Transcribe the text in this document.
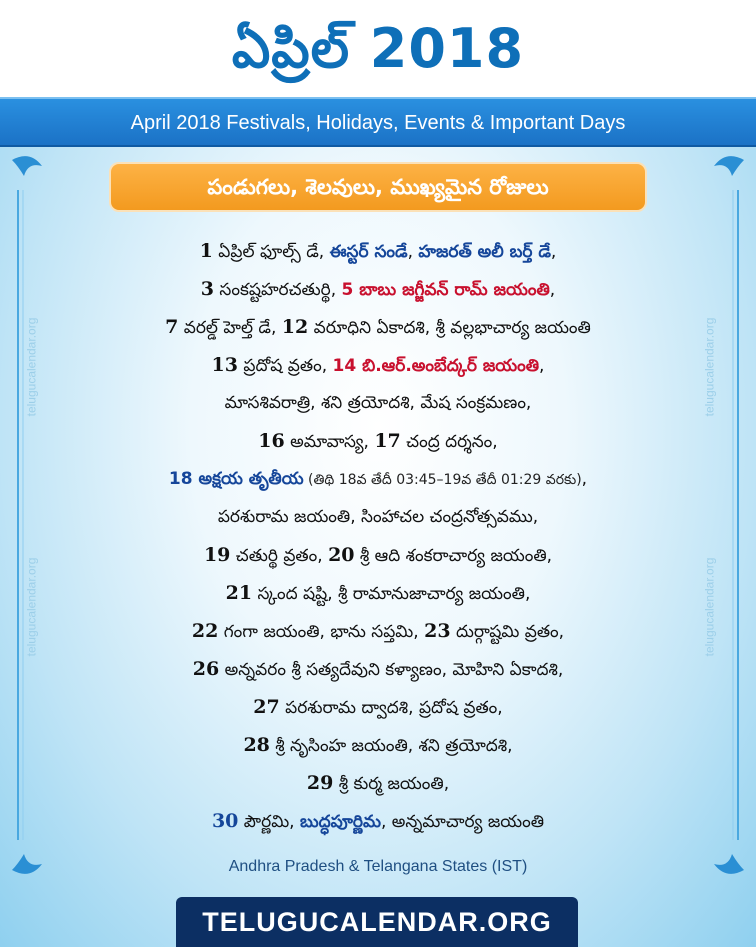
ఏప్రిల్ 2018
April 2018 Festivals, Holidays, Events & Important Days
telugucalendar.org
telugucalendar.org
telugucalendar.org
telugucalendar.org
పండుగలు, శెలవులు, ముఖ్యమైన రోజులు
1 ఏప్రిల్ ఫూల్స్ డే, ఈస్టర్ సండే, హజరత్ అలీ బర్త్ డే,
3 సంకష్టహరచతుర్థి, 5 బాబు జగ్జీవన్ రామ్ జయంతి,
7 వరల్డ్ హెల్త్ డే, 12 వరూధిని ఏకాదశి, శ్రీ వల్లభాచార్య జయంతి
13 ప్రదోష వ్రతం, 14 బి.ఆర్.అంబేద్కర్ జయంతి,
మాసశివరాత్రి, శని త్రయోదశి, మేష సంక్రమణం,
16 అమావాస్య, 17 చంద్ర దర్శనం,
18 అక్షయ తృతీయ (తిథి 18వ తేదీ 03:45–19వ తేదీ 01:29 వరకు),
పరశురామ జయంతి, సింహాచల చంద్రనోత్సవము,
19 చతుర్థి వ్రతం, 20 శ్రీ ఆది శంకరాచార్య జయంతి,
21 స్కంద షష్టి, శ్రీ రామానుజాచార్య జయంతి,
22 గంగా జయంతి, భాను సప్తమి, 23 దుర్గాష్టమి వ్రతం,
26 అన్నవరం శ్రీ సత్యదేవుని కళ్యాణం, మోహిని ఏకాదశి,
27 పరశురామ ద్వాదశి, ప్రదోష వ్రతం,
28 శ్రీ నృసింహ జయంతి, శని త్రయోదశి,
29 శ్రీ కుర్మ జయంతి,
30 పౌర్ణమి, బుద్ధపూర్ణిమ, అన్నమాచార్య జయంతి
Andhra Pradesh & Telangana States (IST)
TELUGUCALENDAR.ORG
